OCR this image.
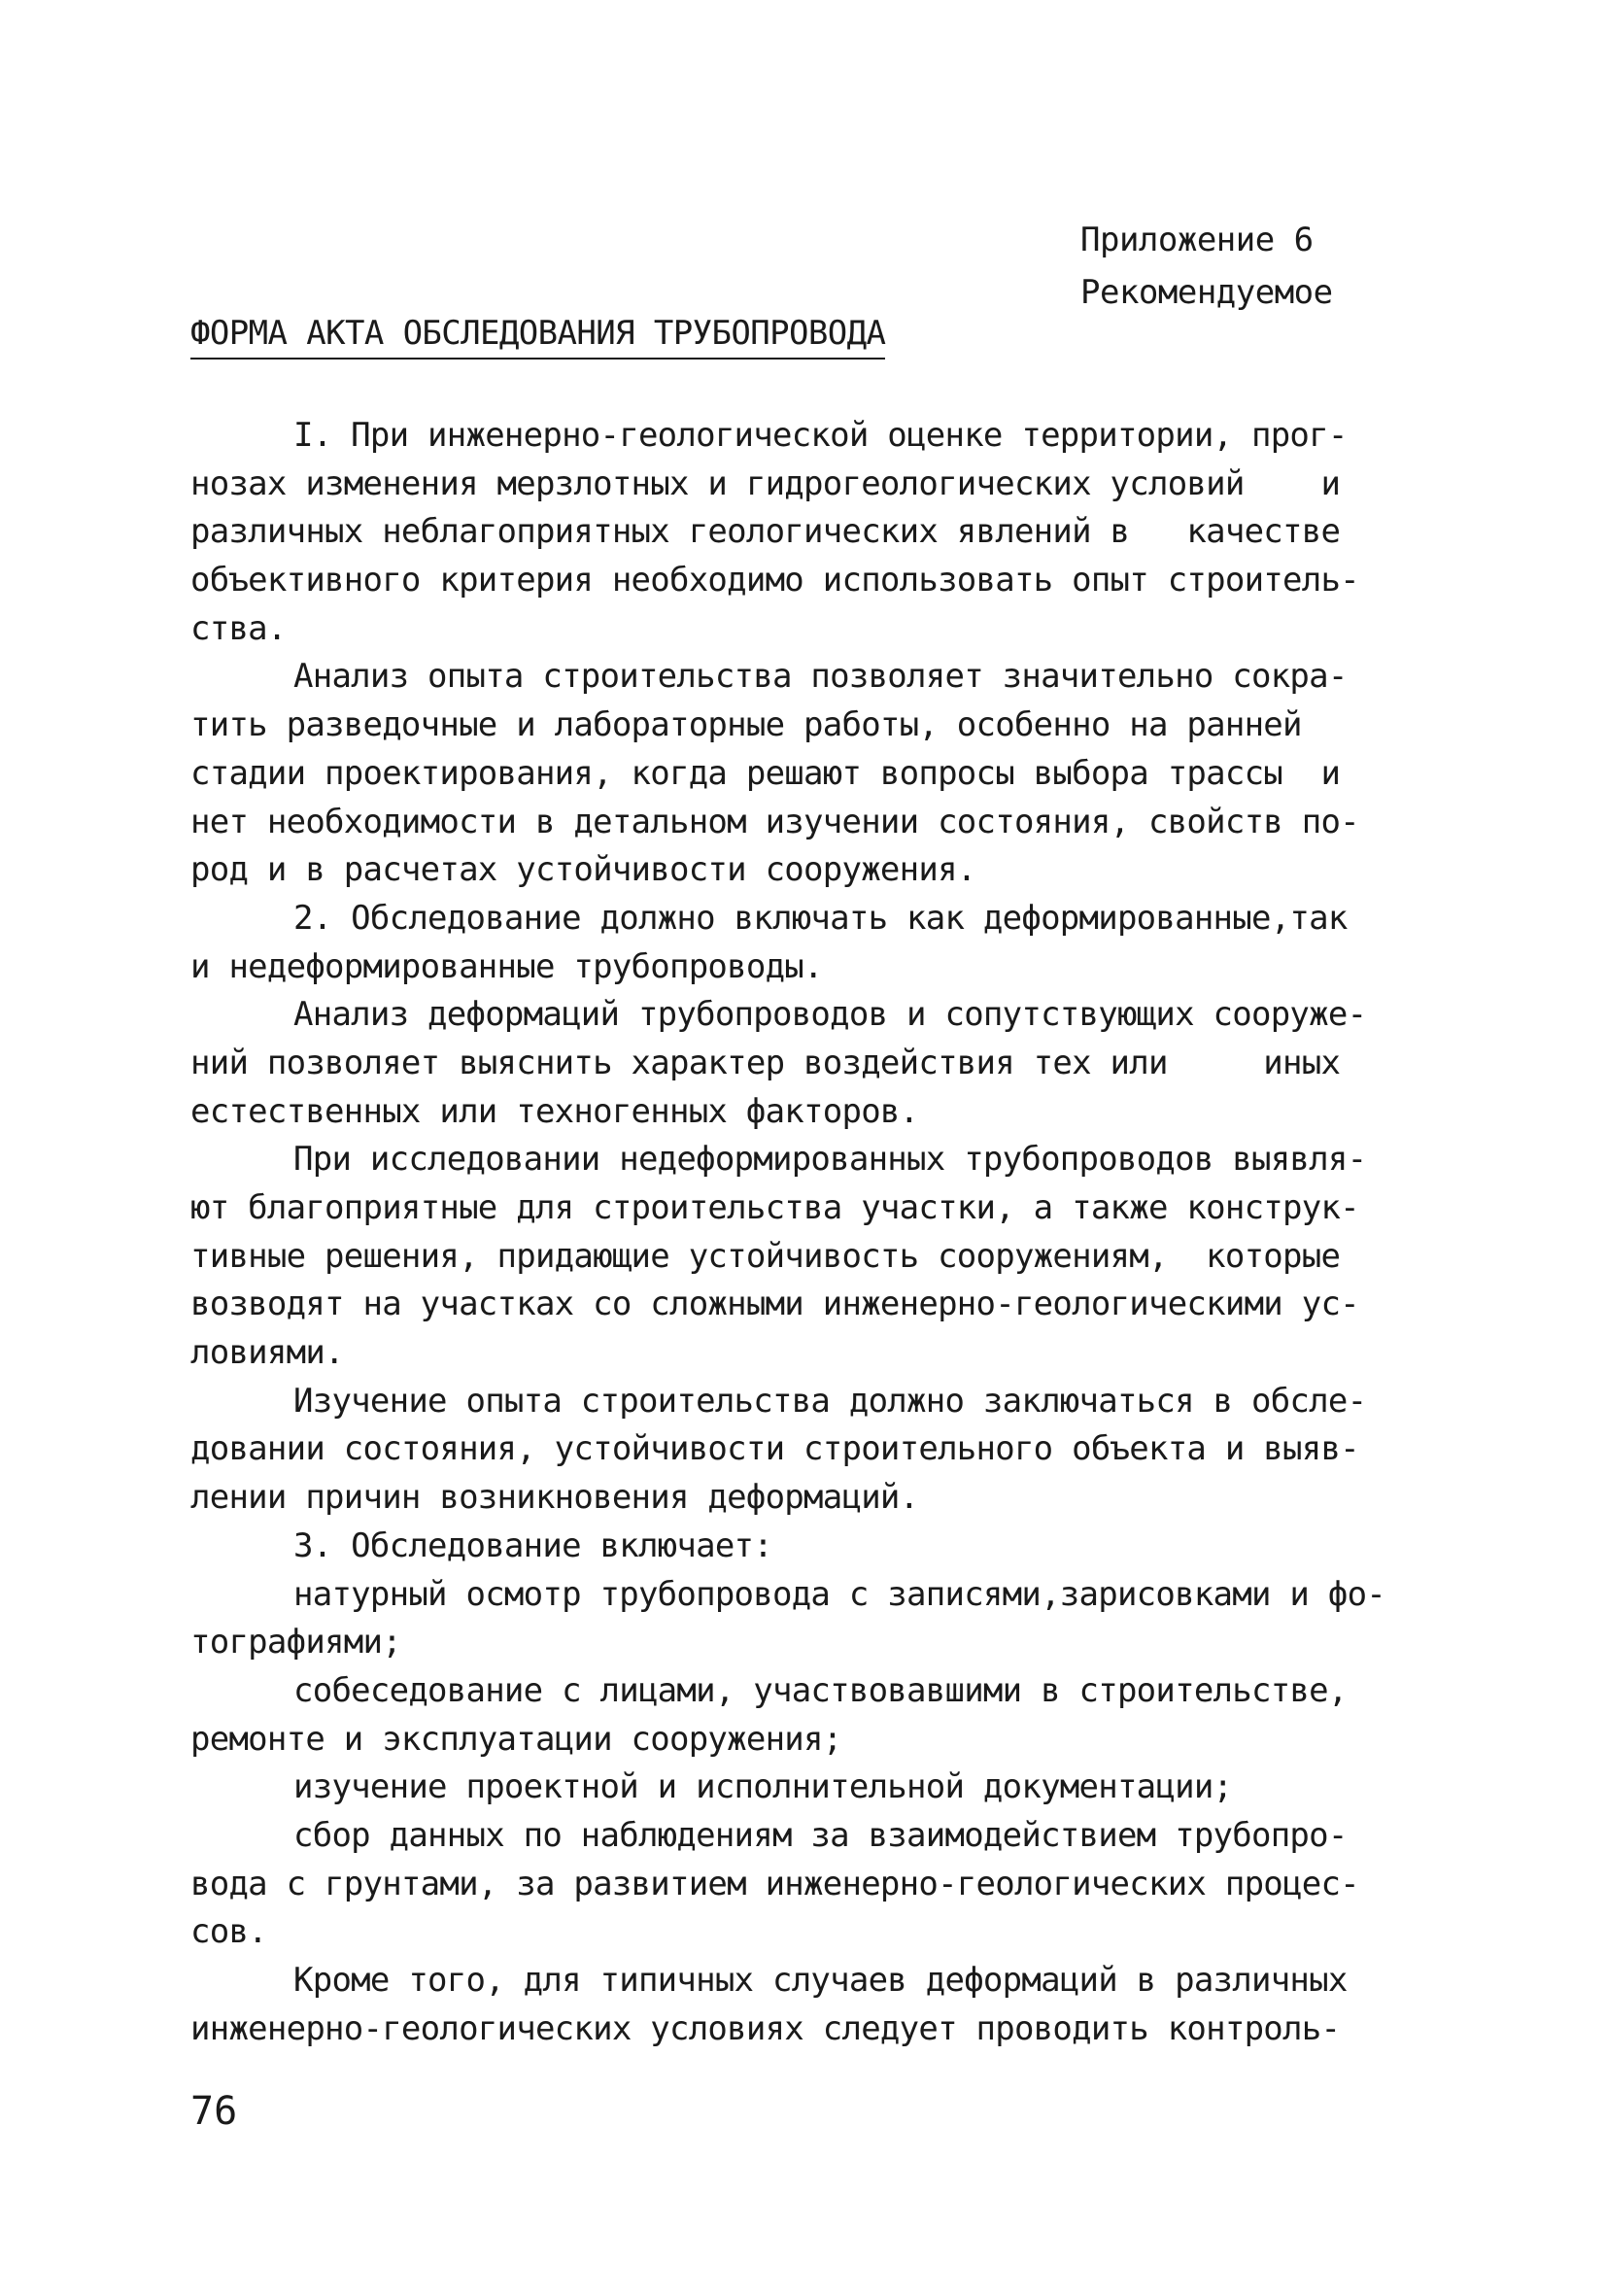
Приложение 6
Рекомендуемое
ФОРМА АКТА ОБСЛЕДОВАНИЯ ТРУБОПРОВОДА
I. При инженерно-геологической оценке территории, прог-
нозах изменения мерзлотных и гидрогеологических условий    и
различных неблагоприятных геологических явлений в   качестве
объективного критерия необходимо использовать опыт строитель-
ства.
Анализ опыта строительства позволяет значительно сокра-
тить разведочные и лабораторные работы, особенно на ранней
стадии проектирования, когда решают вопросы выбора трассы  и
нет необходимости в детальном изучении состояния, свойств по-
род и в расчетах устойчивости сооружения.
2. Обследование должно включать как деформированные,так
и недеформированные трубопроводы.
Анализ деформаций трубопроводов и сопутствующих сооруже-
ний позволяет выяснить характер воздействия тех или     иных
естественных или техногенных факторов.
При исследовании недеформированных трубопроводов выявля-
ют благоприятные для строительства участки, а также конструк-
тивные решения, придающие устойчивость сооружениям,  которые
возводят на участках со сложными инженерно-геологическими ус-
ловиями.
Изучение опыта строительства должно заключаться в обсле-
довании состояния, устойчивости строительного объекта и выяв-
лении причин возникновения деформаций.
3. Обследование включает:
натурный осмотр трубопровода с записями,зарисовками и фо-
тографиями;
собеседование с лицами, участвовавшими в строительстве,
ремонте и эксплуатации сооружения;
изучение проектной и исполнительной документации;
сбор данных по наблюдениям за взаимодействием трубопро-
вода с грунтами, за развитием инженерно-геологических процес-
сов.
Кроме того, для типичных случаев деформаций в различных
инженерно-геологических условиях следует проводить контроль-
76
